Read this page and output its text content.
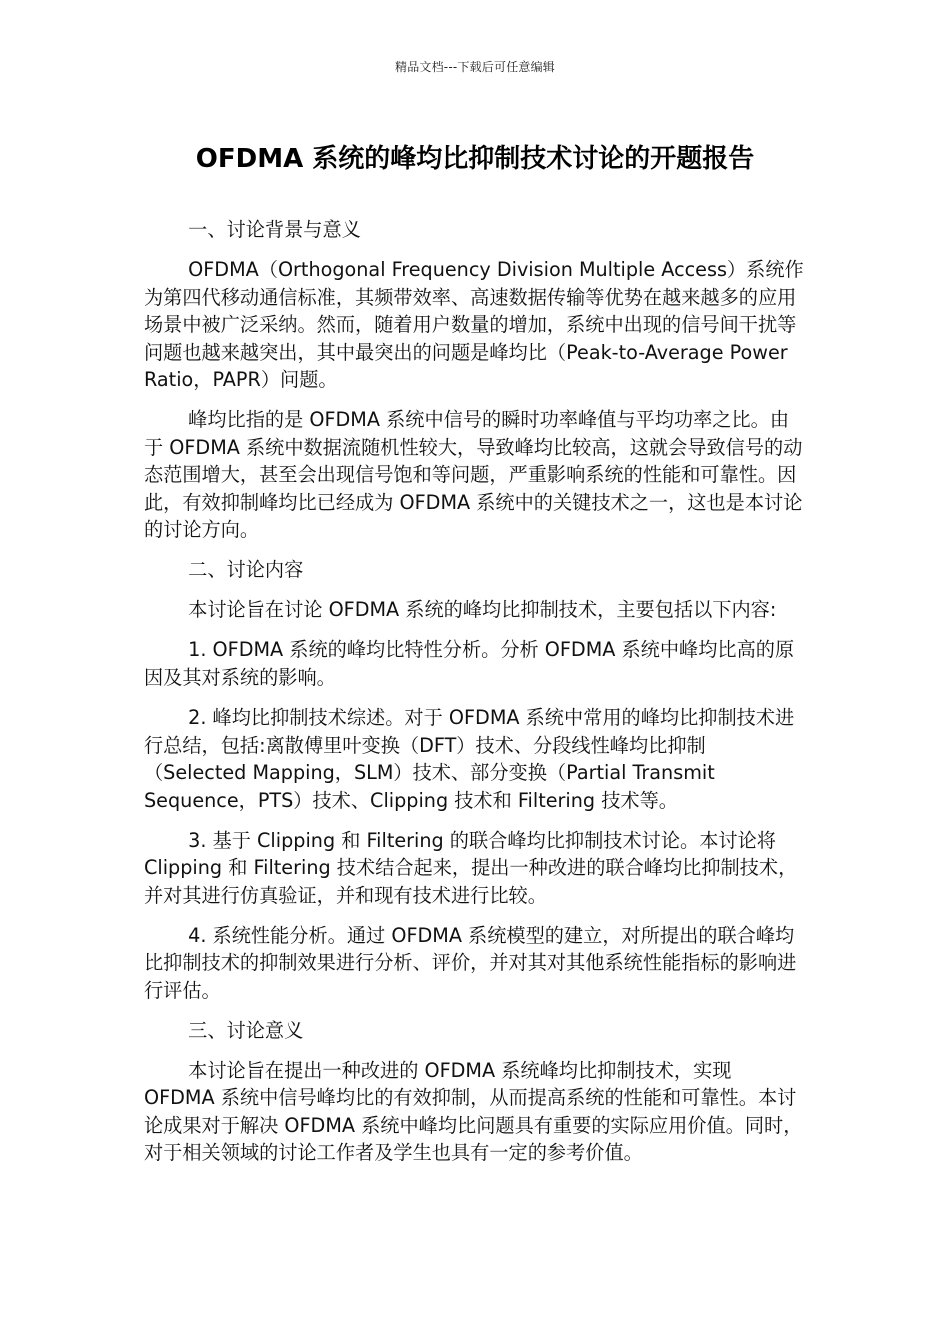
精品文档---下载后可任意编辑
OFDMA 系统的峰均比抑制技术讨论的开题报告

一、讨论背景与意义

OFDMA（Orthogonal Frequency Division Multiple Access）系统作为第四代移动通信标准，其频带效率、高速数据传输等优势在越来越多的应用场景中被广泛采纳。然而，随着用户数量的增加，系统中出现的信号间干扰等问题也越来越突出，其中最突出的问题是峰均比（Peak-to-Average Power Ratio，PAPR）问题。

峰均比指的是 OFDMA 系统中信号的瞬时功率峰值与平均功率之比。由于 OFDMA 系统中数据流随机性较大，导致峰均比较高，这就会导致信号的动态范围增大，甚至会出现信号饱和等问题，严重影响系统的性能和可靠性。因此，有效抑制峰均比已经成为 OFDMA 系统中的关键技术之一，这也是本讨论的讨论方向。

二、讨论内容

本讨论旨在讨论 OFDMA 系统的峰均比抑制技术，主要包括以下内容:

1. OFDMA 系统的峰均比特性分析。分析 OFDMA 系统中峰均比高的原因及其对系统的影响。

2. 峰均比抑制技术综述。对于 OFDMA 系统中常用的峰均比抑制技术进行总结，包括:离散傅里叶变换（DFT）技术、分段线性峰均比抑制（Selected Mapping，SLM）技术、部分变换（Partial Transmit Sequence，PTS）技术、Clipping 技术和 Filtering 技术等。

3. 基于 Clipping 和 Filtering 的联合峰均比抑制技术讨论。本讨论将 Clipping 和 Filtering 技术结合起来，提出一种改进的联合峰均比抑制技术，并对其进行仿真验证，并和现有技术进行比较。

4. 系统性能分析。通过 OFDMA 系统模型的建立，对所提出的联合峰均比抑制技术的抑制效果进行分析、评价，并对其对其他系统性能指标的影响进行评估。

三、讨论意义

本讨论旨在提出一种改进的 OFDMA 系统峰均比抑制技术，实现 OFDMA 系统中信号峰均比的有效抑制，从而提高系统的性能和可靠性。本讨论成果对于解决 OFDMA 系统中峰均比问题具有重要的实际应用价值。同时，对于相关领域的讨论工作者及学生也具有一定的参考价值。
